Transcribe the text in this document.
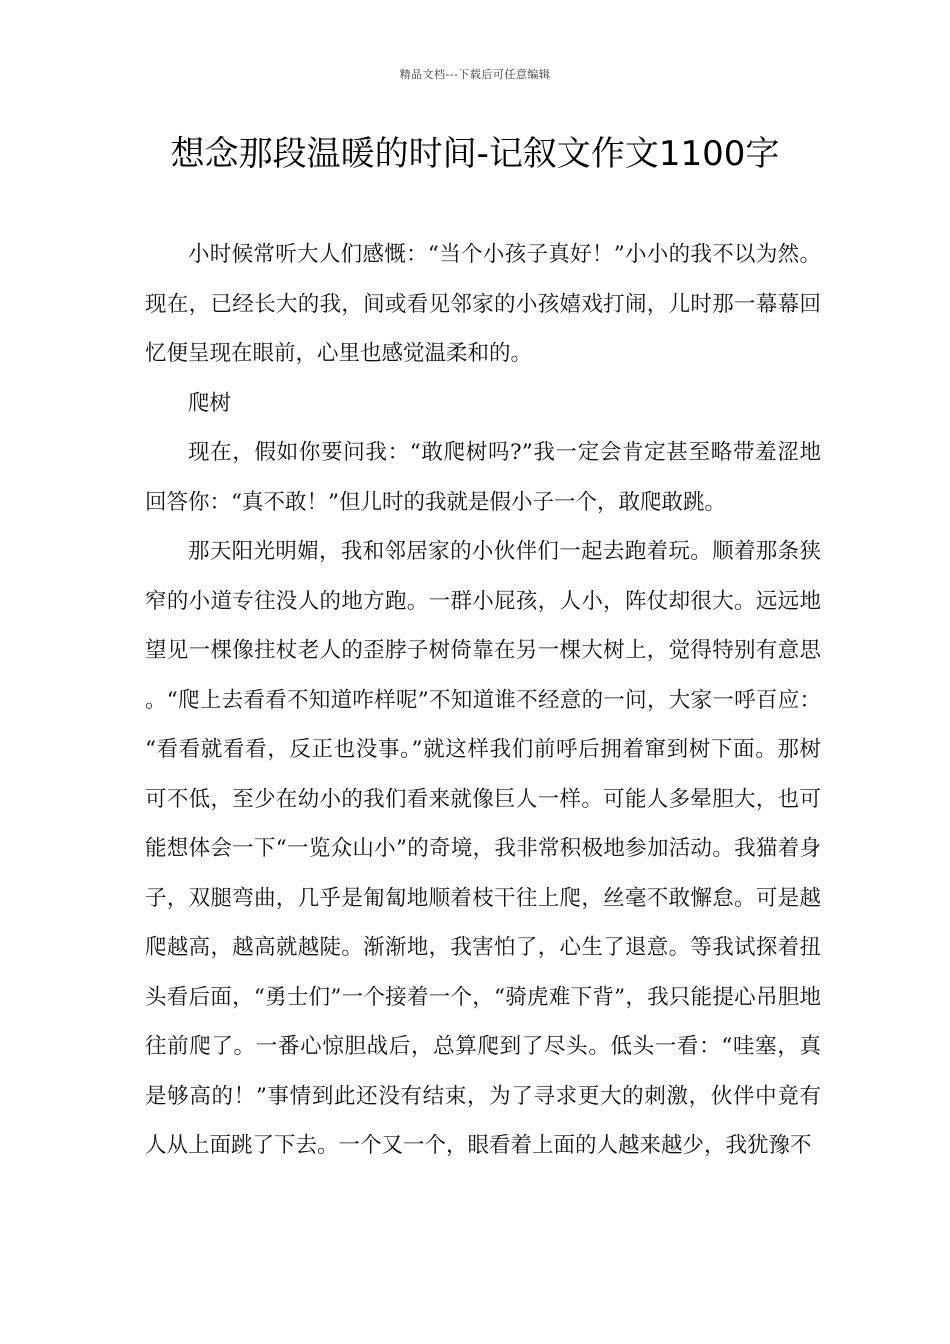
精品文档---下载后可任意编辑
想念那段温暖的时间-记叙文作文1100字

小时候常听大人们感慨：“当个小孩子真好！”小小的我不以为然。现在，已经长大的我，间或看见邻家的小孩嬉戏打闹，儿时那一幕幕回忆便呈现在眼前，心里也感觉温柔和的。

爬树

现在，假如你要问我：“敢爬树吗?”我一定会肯定甚至略带羞涩地回答你：“真不敢！”但儿时的我就是假小子一个，敢爬敢跳。

那天阳光明媚，我和邻居家的小伙伴们一起去跑着玩。顺着那条狭窄的小道专往没人的地方跑。一群小屁孩，人小，阵仗却很大。远远地望见一棵像拄杖老人的歪脖子树倚靠在另一棵大树上，觉得特别有意思。“爬上去看看不知道咋样呢”不知道谁不经意的一问，大家一呼百应：“看看就看看，反正也没事。”就这样我们前呼后拥着窜到树下面。那树可不低，至少在幼小的我们看来就像巨人一样。可能人多晕胆大，也可能想体会一下“一览众山小”的奇境，我非常积极地参加活动。我猫着身子，双腿弯曲，几乎是匍匐地顺着枝干往上爬，丝毫不敢懈怠。可是越爬越高，越高就越陡。渐渐地，我害怕了，心生了退意。等我试探着扭头看后面，“勇士们”一个接着一个，“骑虎难下背”，我只能提心吊胆地往前爬了。一番心惊胆战后，总算爬到了尽头。低头一看：“哇塞，真是够高的！”事情到此还没有结束，为了寻求更大的刺激，伙伴中竟有人从上面跳了下去。一个又一个，眼看着上面的人越来越少，我犹豫不
